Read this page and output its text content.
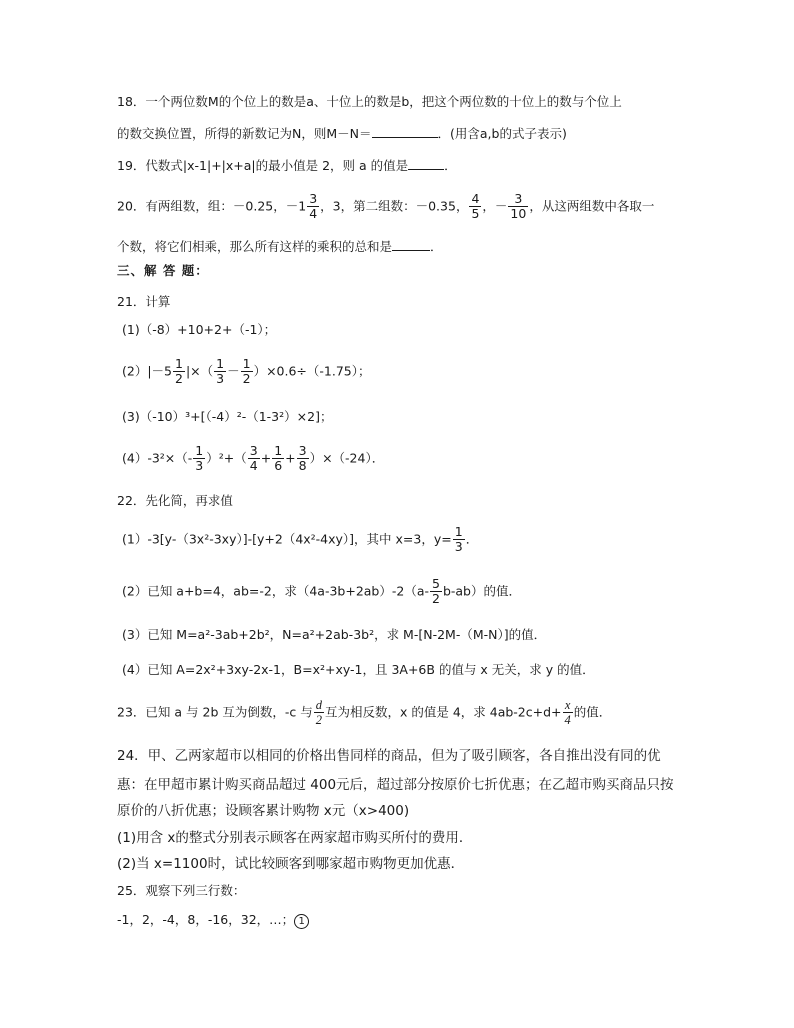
18．一个两位数M的个位上的数是a、十位上的数是b，把这个两位数的十位上的数与个位上
的数交换位置，所得的新数记为N，则M－N＝	．(用含a,b的式子表示)
19．代数式|x-1|+|x+a|的最小值是 2，则 a 的值是	．
20．有两组数，组：－0.25，$-1 \frac{3}{4}$ ，3，第二组数：－0.35， $\frac{4}{5}$ ，－ $\frac{3}{10}$ ，从这两组数中各取一
个数，将它们相乘，那么所有这样的乘积的总和是	．
三、解 答 题：
21．计算
(1)（-8）+10+2+（-1）；
$(2)|-5 \frac{1}{2}$ |×（ $\frac{1}{3} - \frac{1}{2} )\times 0.6\div(-1.75)$；
(3)（-10）³+[（-4）²-（1-3²）×2]；
$(4)-3^2\times(- \frac{1}{3} )^2+( \frac{3}{4} + \frac{1}{6} + \frac{3}{8} )\times(-24)$．
22．先化简，再求值
(1）-3[y-（3x²-3xy）]-[y+2（4x²-4xy）]，其中 x=3，$y= \frac{1}{3}$ ．
(2）已知 a+b=4，ab=-2，求$(4a-3b+2ab)-2(a- \frac{5}{2} b-ab)$的值．
(3）已知 M=a²-3ab+2b²，N=a²+2ab-3b²，求 M-[N-2M-（M-N）]的值．
(4）已知 A=2x²+3xy-2x-1，B=x²+xy-1，且 3A+6B 的值与 x 无关，求 y 的值．
23．已知 a 与 2b 互为倒数，-c 与 $\frac{d}{2}$ 互为相反数，x 的值是 4，求 $4ab-2c+d+ \frac{x}{4}$ 的值．
24．甲、乙两家超市以相同的价格出售同样的商品，但为了吸引顾客，各自推出没有同的优
惠：在甲超市累计购买商品超过 400元后，超过部分按原价七折优惠；在乙超市购买商品只按
原价的八折优惠；设顾客累计购物 x元（x>400)
(1)用含 x的整式分别表示顾客在两家超市购买所付的费用．
(2)当 x=1100时，试比较顾客到哪家超市购物更加优惠．
25．观察下列三行数：
-1，2，-4，8，-16，32，…； 1
